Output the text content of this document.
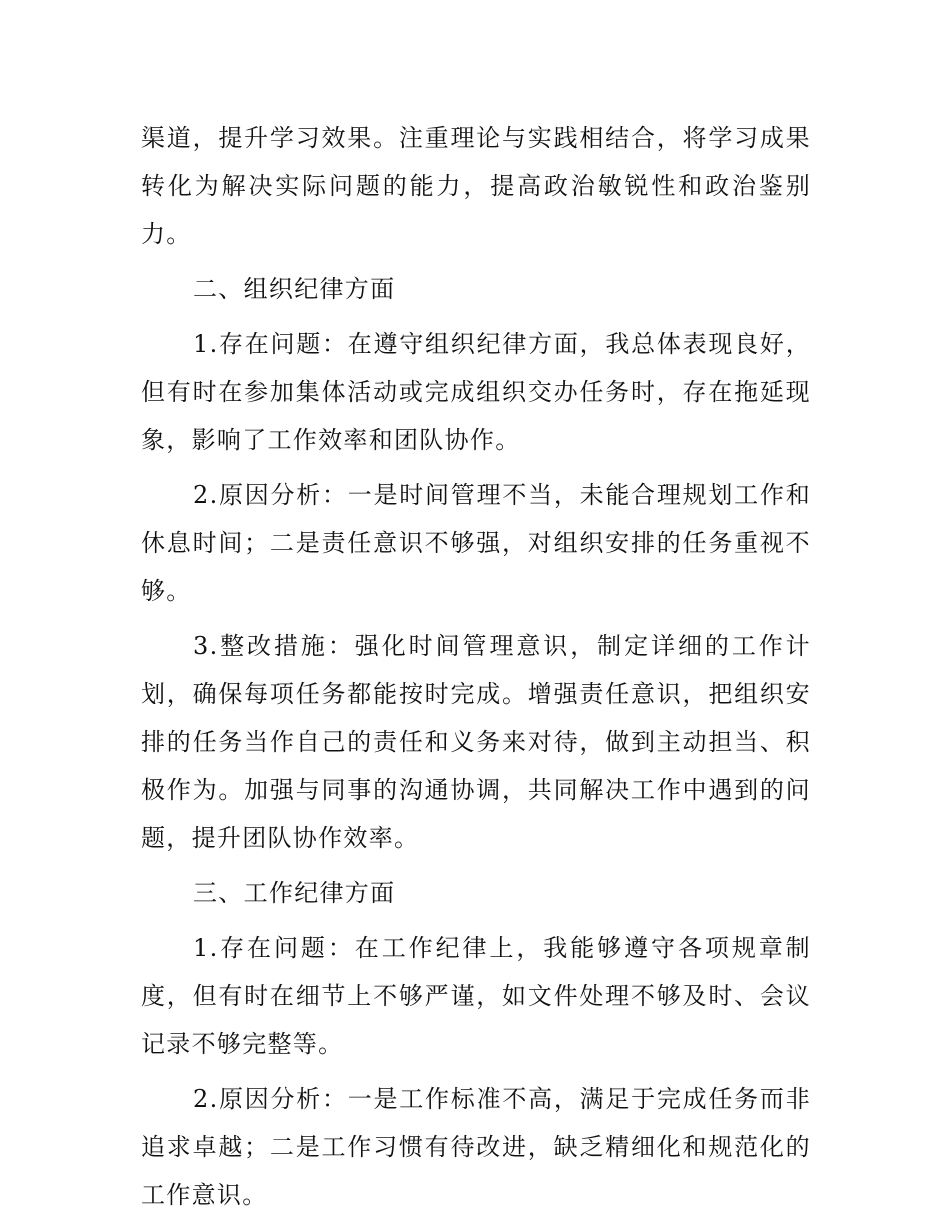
渠道，提升学习效果。注重理论与实践相结合，将学习成果转化为解决实际问题的能力，提高政治敏锐性和政治鉴别力。

二、组织纪律方面

1.存在问题：在遵守组织纪律方面，我总体表现良好，但有时在参加集体活动或完成组织交办任务时，存在拖延现象，影响了工作效率和团队协作。

2.原因分析：一是时间管理不当，未能合理规划工作和休息时间；二是责任意识不够强，对组织安排的任务重视不够。

3.整改措施：强化时间管理意识，制定详细的工作计划，确保每项任务都能按时完成。增强责任意识，把组织安排的任务当作自己的责任和义务来对待，做到主动担当、积极作为。加强与同事的沟通协调，共同解决工作中遇到的问题，提升团队协作效率。

三、工作纪律方面

1.存在问题：在工作纪律上，我能够遵守各项规章制度，但有时在细节上不够严谨，如文件处理不够及时、会议记录不够完整等。

2.原因分析：一是工作标准不高，满足于完成任务而非追求卓越；二是工作习惯有待改进，缺乏精细化和规范化的工作意识。
